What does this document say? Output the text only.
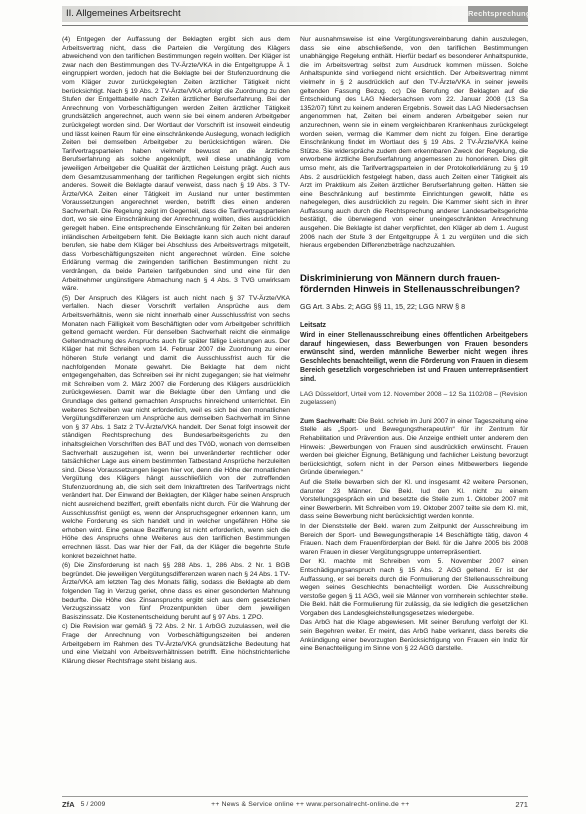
II. Allgemeines Arbeitsrecht	Rechtsprechung

(4) Entgegen der Auffassung der Beklagten ergibt sich aus dem Arbeitsvertrag nicht, dass die Parteien die Vergütung des Klägers abweichend von den tariflichen Bestimmungen regeln wollten. Der Kläger ist zwar nach den Bestimmungen des TV-Ärzte/VKA in die Entgeltgruppe Ä 1 eingruppiert worden, jedoch hat die Beklagte bei der Stufenzuordnung die vom Kläger zuvor zurückgelegten Zeiten ärztlicher Tätigkeit nicht berücksichtigt. Nach § 19 Abs. 2 TV-Ärzte/VKA erfolgt die Zuordnung zu den Stufen der Entgelttabelle nach Zeiten ärztlicher Berufserfahrung. Bei der Anrechnung von Vorbeschäftigungen werden Zeiten ärztlicher Tätigkeit grundsätzlich angerechnet, auch wenn sie bei einem anderen Arbeitgeber zurückgelegt worden sind. Der Wortlaut der Vorschrift ist insoweit eindeutig und lässt keinen Raum für eine einschränkende Auslegung, wonach lediglich Zeiten bei demselben Arbeitgeber zu berücksichtigen wären. Die Tarifvertragsparteien haben vielmehr bewusst an die ärztliche Berufserfahrung als solche angeknüpft, weil diese unabhängig vom jeweiligen Arbeitgeber die Qualität der ärztlichen Leistung prägt. Auch aus dem Gesamtzusammenhang der tariflichen Regelungen ergibt sich nichts anderes. Soweit die Beklagte darauf verweist, dass nach § 19 Abs. 3 TV-Ärzte/VKA Zeiten einer Tätigkeit im Ausland nur unter bestimmten Voraussetzungen angerechnet werden, betrifft dies einen anderen Sachverhalt. Die Regelung zeigt im Gegenteil, dass die Tarifvertragsparteien dort, wo sie eine Einschränkung der Anrechnung wollten, dies ausdrücklich geregelt haben. Eine entsprechende Einschränkung für Zeiten bei anderen inländischen Arbeitgebern fehlt. Die Beklagte kann sich auch nicht darauf berufen, sie habe dem Kläger bei Abschluss des Arbeitsvertrags mitgeteilt, dass Vorbeschäftigungszeiten nicht angerechnet würden. Eine solche Erklärung vermag die zwingenden tariflichen Bestimmungen nicht zu verdrängen, da beide Parteien tarifgebunden sind und eine für den Arbeitnehmer ungünstigere Abmachung nach § 4 Abs. 3 TVG unwirksam wäre.

(5) Der Anspruch des Klägers ist auch nicht nach § 37 TV-Ärzte/VKA verfallen. Nach dieser Vorschrift verfallen Ansprüche aus dem Arbeitsverhältnis, wenn sie nicht innerhalb einer Ausschlussfrist von sechs Monaten nach Fälligkeit vom Beschäftigten oder vom Arbeitgeber schriftlich geltend gemacht werden. Für denselben Sachverhalt reicht die einmalige Geltendmachung des Anspruchs auch für später fällige Leistungen aus. Der Kläger hat mit Schreiben vom 14. Februar 2007 die Zuordnung zu einer höheren Stufe verlangt und damit die Ausschlussfrist auch für die nachfolgenden Monate gewahrt. Die Beklagte hat dem nicht entgegengehalten, das Schreiben sei ihr nicht zugegangen; sie hat vielmehr mit Schreiben vom 2. März 2007 die Forderung des Klägers ausdrücklich zurückgewiesen. Damit war die Beklagte über den Umfang und die Grundlage des geltend gemachten Anspruchs hinreichend unterrichtet. Ein weiteres Schreiben war nicht erforderlich, weil es sich bei den monatlichen Vergütungsdifferenzen um Ansprüche aus demselben Sachverhalt im Sinne von § 37 Abs. 1 Satz 2 TV-Ärzte/VKA handelt. Der Senat folgt insoweit der ständigen Rechtsprechung des Bundesarbeitsgerichts zu den inhaltsgleichen Vorschriften des BAT und des TVöD, wonach von demselben Sachverhalt auszugehen ist, wenn bei unveränderter rechtlicher oder tatsächlicher Lage aus einem bestimmten Tatbestand Ansprüche herzuleiten sind. Diese Voraussetzungen liegen hier vor, denn die Höhe der monatlichen Vergütung des Klägers hängt ausschließlich von der zutreffenden Stufenzuordnung ab, die sich seit dem Inkrafttreten des Tarifvertrags nicht verändert hat. Der Einwand der Beklagten, der Kläger habe seinen Anspruch nicht ausreichend beziffert, greift ebenfalls nicht durch. Für die Wahrung der Ausschlussfrist genügt es, wenn der Anspruchsgegner erkennen kann, um welche Forderung es sich handelt und in welcher ungefähren Höhe sie erhoben wird. Eine genaue Bezifferung ist nicht erforderlich, wenn sich die Höhe des Anspruchs ohne Weiteres aus den tariflichen Bestimmungen errechnen lässt. Das war hier der Fall, da der Kläger die begehrte Stufe konkret bezeichnet hatte.

(6) Die Zinsforderung ist nach §§ 288 Abs. 1, 286 Abs. 2 Nr. 1 BGB begründet. Die jeweiligen Vergütungsdifferenzen waren nach § 24 Abs. 1 TV-Ärzte/VKA am letzten Tag des Monats fällig, sodass die Beklagte ab dem folgenden Tag in Verzug geriet, ohne dass es einer gesonderten Mahnung bedurfte. Die Höhe des Zinsanspruchs ergibt sich aus dem gesetzlichen Verzugszinssatz von fünf Prozentpunkten über dem jeweiligen Basiszinssatz. Die Kostenentscheidung beruht auf § 97 Abs. 1 ZPO.

c) Die Revision war gemäß § 72 Abs. 2 Nr. 1 ArbGG zuzulassen, weil die Frage der Anrechnung von Vorbeschäftigungszeiten bei anderen Arbeitgebern im Rahmen des TV-Ärzte/VKA grundsätzliche Bedeutung hat und eine Vielzahl von Arbeitsverhältnissen betrifft. Eine höchstrichterliche Klärung dieser Rechtsfrage steht bislang aus.

Nur ausnahmsweise ist eine Vergütungsvereinbarung dahin auszulegen, dass sie eine abschließende, von den tariflichen Bestimmungen unabhängige Regelung enthält. Hierfür bedarf es besonderer Anhaltspunkte, die im Arbeitsvertrag selbst zum Ausdruck kommen müssen. Solche Anhaltspunkte sind vorliegend nicht ersichtlich. Der Arbeitsvertrag nimmt vielmehr in § 2 ausdrücklich auf den TV-Ärzte/VKA in seiner jeweils geltenden Fassung Bezug. cc) Die Berufung der Beklagten auf die Entscheidung des LAG Niedersachsen vom 22. Januar 2008 (13 Sa 1352/07) führt zu keinem anderen Ergebnis. Soweit das LAG Niedersachsen angenommen hat, Zeiten bei einem anderen Arbeitgeber seien nur anzurechnen, wenn sie in einem vergleichbaren Krankenhaus zurückgelegt worden seien, vermag die Kammer dem nicht zu folgen. Eine derartige Einschränkung findet im Wortlaut des § 19 Abs. 2 TV-Ärzte/VKA keine Stütze. Sie widerspräche zudem dem erkennbaren Zweck der Regelung, die erworbene ärztliche Berufserfahrung angemessen zu honorieren. Dies gilt umso mehr, als die Tarifvertragsparteien in der Protokollerklärung zu § 19 Abs. 2 ausdrücklich festgelegt haben, dass auch Zeiten einer Tätigkeit als Arzt im Praktikum als Zeiten ärztlicher Berufserfahrung gelten. Hätten sie eine Beschränkung auf bestimmte Einrichtungen gewollt, hätte es nahegelegen, dies ausdrücklich zu regeln. Die Kammer sieht sich in ihrer Auffassung auch durch die Rechtsprechung anderer Landesarbeitsgerichte bestätigt, die überwiegend von einer uneingeschränkten Anrechnung ausgehen. Die Beklagte ist daher verpflichtet, den Kläger ab dem 1. August 2006 nach der Stufe 3 der Entgeltgruppe Ä 1 zu vergüten und die sich hieraus ergebenden Differenzbeträge nachzuzahlen.

Diskriminierung von Männern durch frauen-
fördernden Hinweis in Stellenausschreibungen?

GG Art. 3 Abs. 2; AGG §§ 11, 15, 22; LGG NRW § 8

Leitsatz

Wird in einer Stellenausschreibung eines öffentlichen Arbeitgebers darauf hingewiesen, dass Bewerbungen von Frauen besonders erwünscht sind, werden männliche Bewerber nicht wegen ihres Geschlechts benachteiligt, wenn die Förderung von Frauen in diesem Bereich gesetzlich vorgeschrieben ist und Frauen unterrepräsentiert sind.

LAG Düsseldorf, Urteil vom 12. November 2008 – 12 Sa 1102/08 – (Revision zugelassen)

Zum Sachverhalt: Die Bekl. schrieb im Juni 2007 in einer Tageszeitung eine Stelle als „Sport- und Bewegungstherapeut/in“ für ihr Zentrum für Rehabilitation und Prävention aus. Die Anzeige enthielt unter anderem den Hinweis: „Bewerbungen von Frauen sind ausdrücklich erwünscht. Frauen werden bei gleicher Eignung, Befähigung und fachlicher Leistung bevorzugt berücksichtigt, sofern nicht in der Person eines Mitbewerbers liegende Gründe überwiegen.“

Auf die Stelle bewarben sich der Kl. und insgesamt 42 weitere Personen, darunter 23 Männer. Die Bekl. lud den Kl. nicht zu einem Vorstellungsgespräch ein und besetzte die Stelle zum 1. Oktober 2007 mit einer Bewerberin. Mit Schreiben vom 19. Oktober 2007 teilte sie dem Kl. mit, dass seine Bewerbung nicht berücksichtigt werden konnte.

In der Dienststelle der Bekl. waren zum Zeitpunkt der Ausschreibung im Bereich der Sport- und Bewegungstherapie 14 Beschäftigte tätig, davon 4 Frauen. Nach dem Frauenförderplan der Bekl. für die Jahre 2005 bis 2008 waren Frauen in dieser Vergütungsgruppe unterrepräsentiert.

Der Kl. machte mit Schreiben vom 5. November 2007 einen Entschädigungsanspruch nach § 15 Abs. 2 AGG geltend. Er ist der Auffassung, er sei bereits durch die Formulierung der Stellenausschreibung wegen seines Geschlechts benachteiligt worden. Die Ausschreibung verstoße gegen § 11 AGG, weil sie Männer von vornherein schlechter stelle. Die Bekl. hält die Formulierung für zulässig, da sie lediglich die gesetzlichen Vorgaben des Landesgleichstellungsgesetzes wiedergebe.

Das ArbG hat die Klage abgewiesen. Mit seiner Berufung verfolgt der Kl. sein Begehren weiter. Er meint, das ArbG habe verkannt, dass bereits die Ankündigung einer bevorzugten Berücksichtigung von Frauen ein Indiz für eine Benachteiligung im Sinne von § 22 AGG darstelle.

ZfA 5 / 2009	++ News & Service online ++ www.personalrecht-online.de ++	271
